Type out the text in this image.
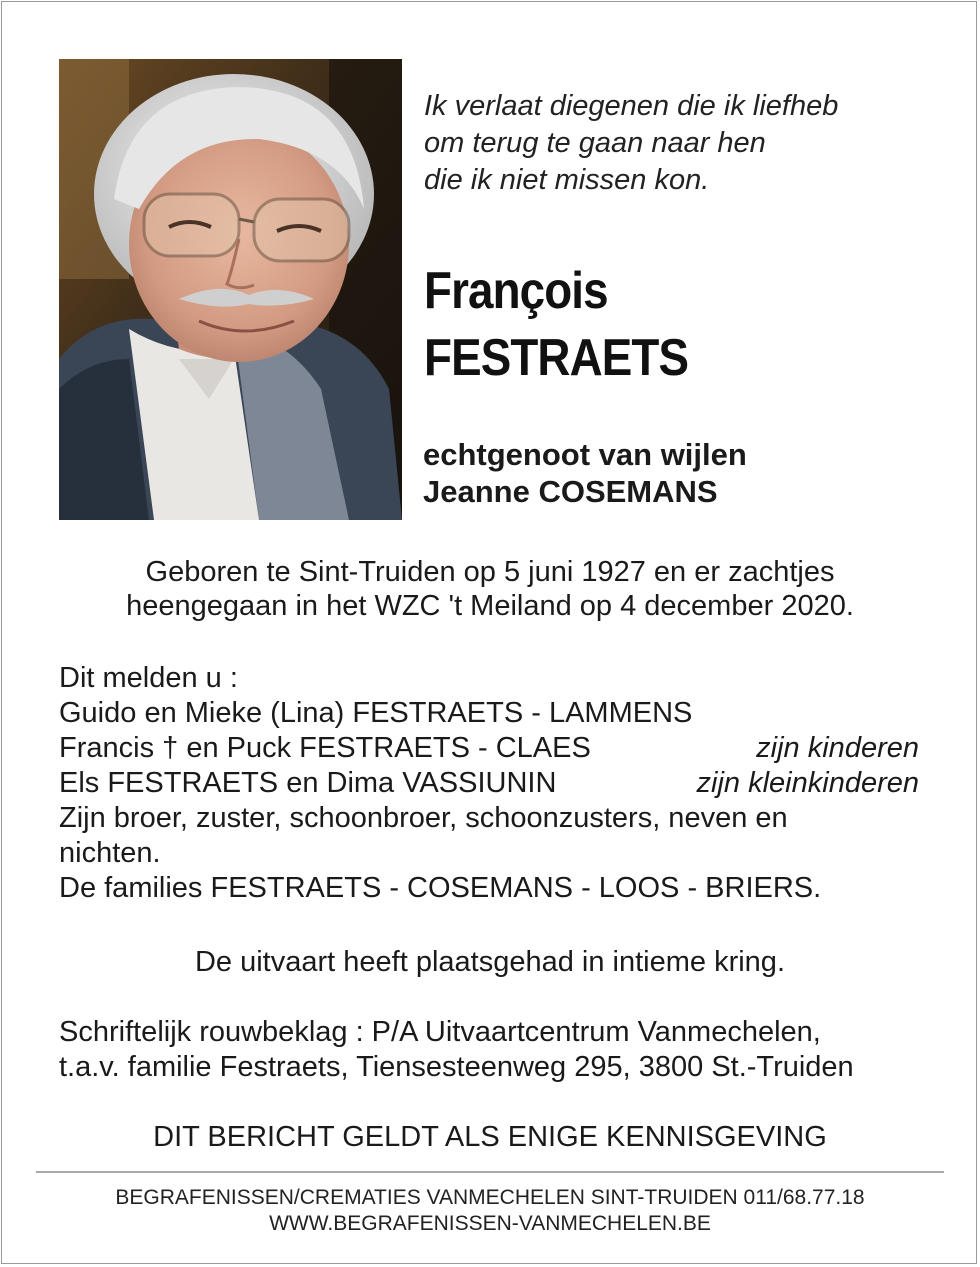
Ik verlaat diegenen die ik liefheb
om terug te gaan naar hen
die ik niet missen kon.
François
FESTRAETS
echtgenoot van wijlen
Jeanne COSEMANS
Geboren te Sint-Truiden op 5 juni 1927 en er zachtjes
heengegaan in het WZC 't Meiland op 4 december 2020.
Dit melden u :
Guido en Mieke (Lina) FESTRAETS - LAMMENS
Francis † en Puck FESTRAETS - CLAES	zijn kinderen
Els FESTRAETS en Dima VASSIUNIN	zijn kleinkinderen
Zijn broer, zuster, schoonbroer, schoonzusters, neven en nichten.
De families FESTRAETS - COSEMANS - LOOS - BRIERS.
De uitvaart heeft plaatsgehad in intieme kring.
Schriftelijk rouwbeklag : P/A Uitvaartcentrum Vanmechelen,
t.a.v. familie Festraets, Tiensesteenweg 295, 3800 St.-Truiden
DIT BERICHT GELDT ALS ENIGE KENNISGEVING
BEGRAFENISSEN/CREMATIES VANMECHELEN SINT-TRUIDEN 011/68.77.18
WWW.BEGRAFENISSEN-VANMECHELEN.BE
